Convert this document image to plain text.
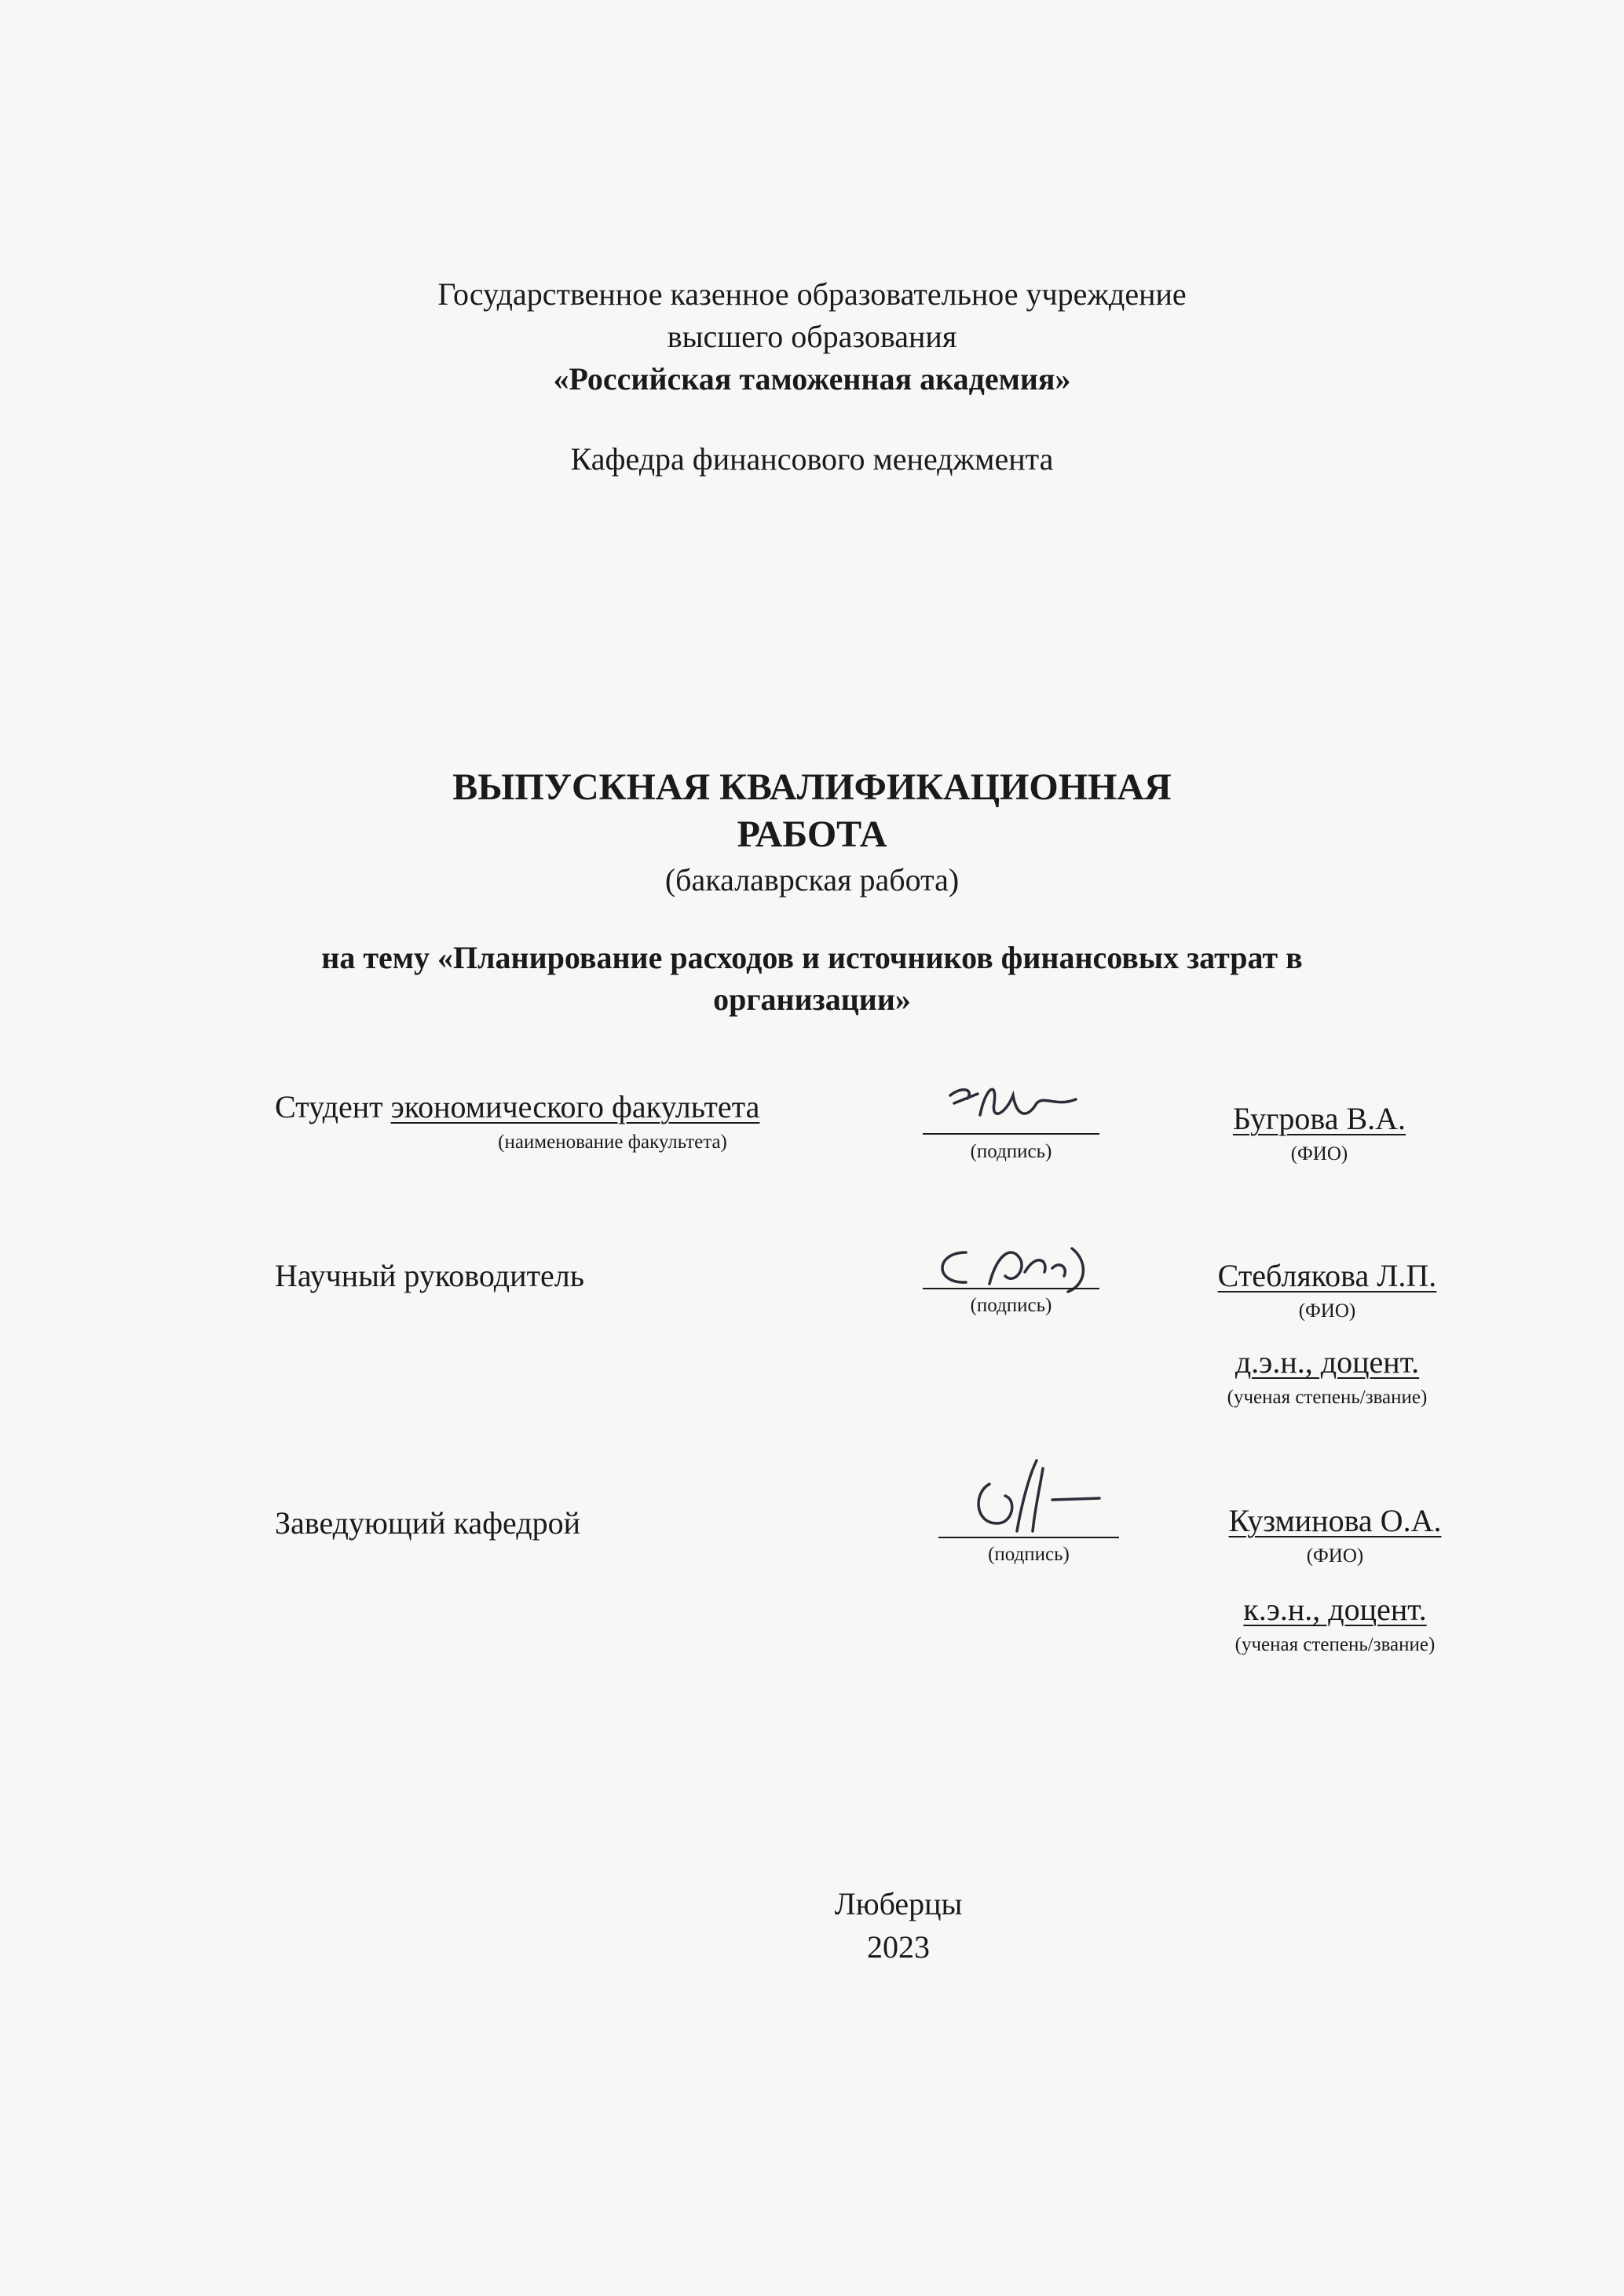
Государственное казенное образовательное учреждение
высшего образования
«Российская таможенная академия»
Кафедра финансового менеджмента
ВЫПУСКНАЯ КВАЛИФИКАЦИОННАЯ
РАБОТА
(бакалаврская работа)
на тему «Планирование расходов и источников финансовых затрат в
организации»
Студент экономического факультета
(наименование факультета)	(подпись)
Бугрова В.А.
(ФИО)
Научный руководитель
(подпись)
Стеблякова Л.П.
(ФИО)
д.э.н., доцент.
(ученая степень/звание)
Заведующий кафедрой
(подпись)
Кузминова О.А.
(ФИО)
к.э.н., доцент.
(ученая степень/звание)
Люберцы
2023
